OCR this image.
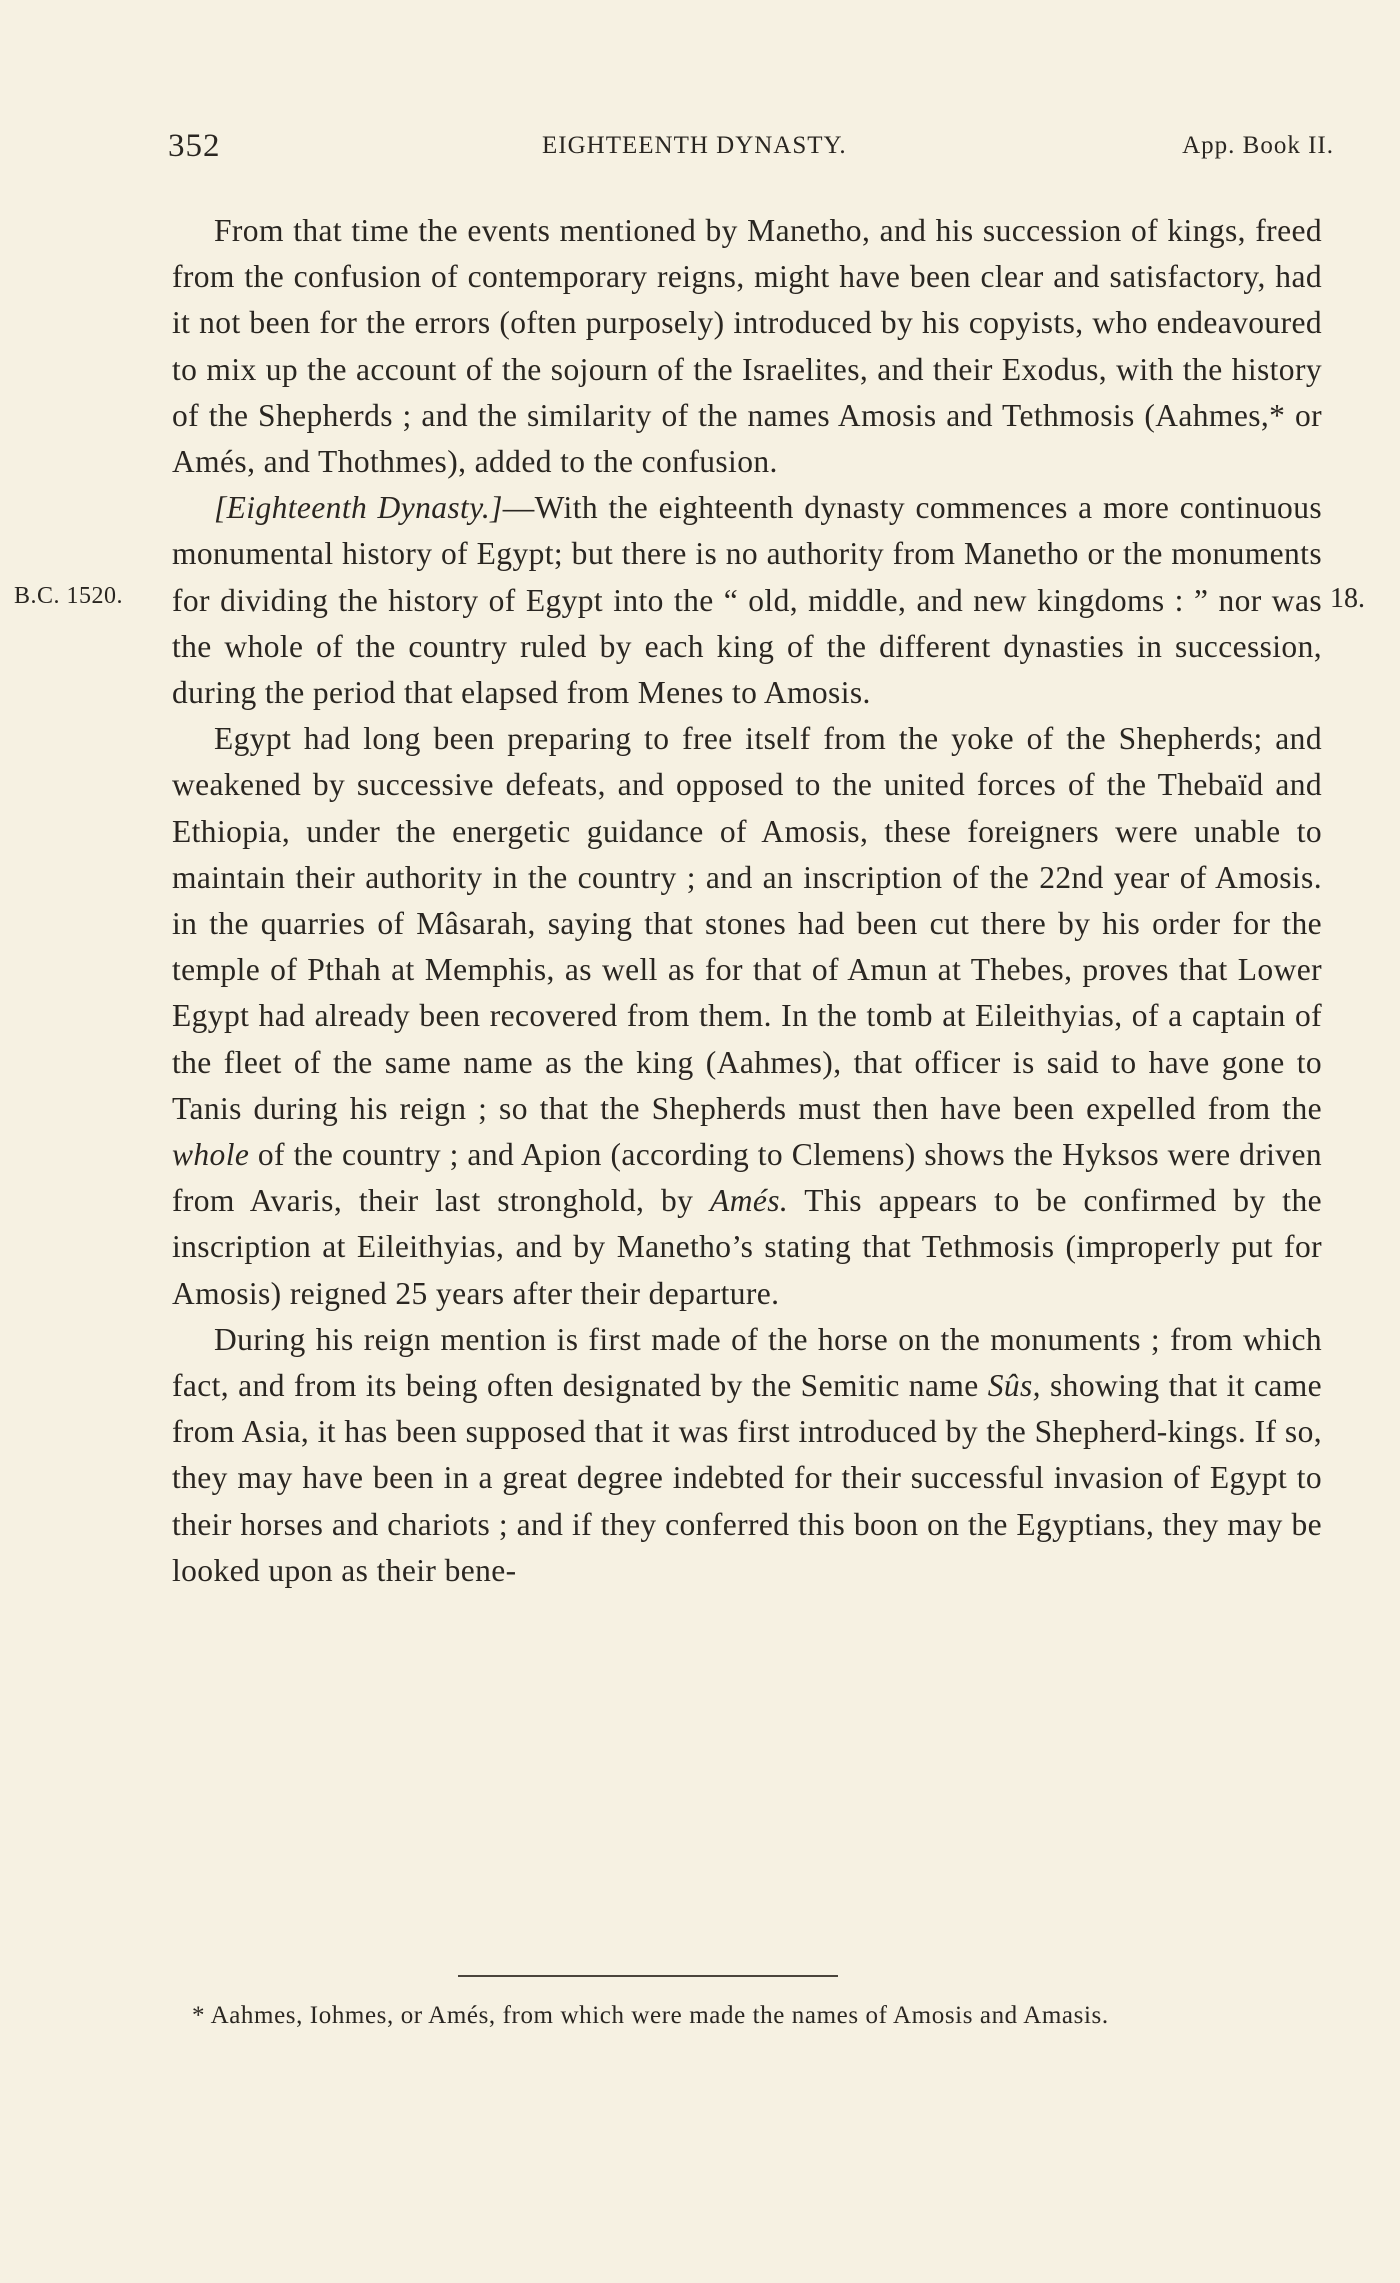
352	EIGHTEENTH DYNASTY.	App. Book II.
B.C. 1520.	18.

From that time the events mentioned by Manetho, and his succession of kings, freed from the confusion of contemporary reigns, might have been clear and satisfactory, had it not been for the errors (often purposely) introduced by his copyists, who endeavoured to mix up the account of the sojourn of the Israelites, and their Exodus, with the history of the Shepherds ; and the similarity of the names Amosis and Tethmosis (Aahmes,* or Amés, and Thothmes), added to the confusion.

[Eighteenth Dynasty.]—With the eighteenth dynasty commences a more continuous monumental history of Egypt; but there is no authority from Manetho or the monuments for dividing the history of Egypt into the “ old, middle, and new kingdoms : ” nor was the whole of the country ruled by each king of the different dynasties in succession, during the period that elapsed from Menes to Amosis.

Egypt had long been preparing to free itself from the yoke of the Shepherds; and weakened by successive defeats, and opposed to the united forces of the Thebaïd and Ethiopia, under the energetic guidance of Amosis, these foreigners were unable to maintain their authority in the country ; and an inscription of the 22nd year of Amosis. in the quarries of Mâsarah, saying that stones had been cut there by his order for the temple of Pthah at Memphis, as well as for that of Amun at Thebes, proves that Lower Egypt had already been recovered from them. In the tomb at Eileithyias, of a captain of the fleet of the same name as the king (Aahmes), that officer is said to have gone to Tanis during his reign ; so that the Shepherds must then have been expelled from the whole of the country ; and Apion (according to Clemens) shows the Hyksos were driven from Avaris, their last stronghold, by Amés. This appears to be confirmed by the inscription at Eileithyias, and by Manetho’s stating that Tethmosis (improperly put for Amosis) reigned 25 years after their departure.

During his reign mention is first made of the horse on the monuments ; from which fact, and from its being often designated by the Semitic name Sûs, showing that it came from Asia, it has been supposed that it was first introduced by the Shepherd-kings. If so, they may have been in a great degree indebted for their successful invasion of Egypt to their horses and chariots ; and if they conferred this boon on the Egyptians, they may be looked upon as their bene-

* Aahmes, Iohmes, or Amés, from which were made the names of Amosis and Amasis.
